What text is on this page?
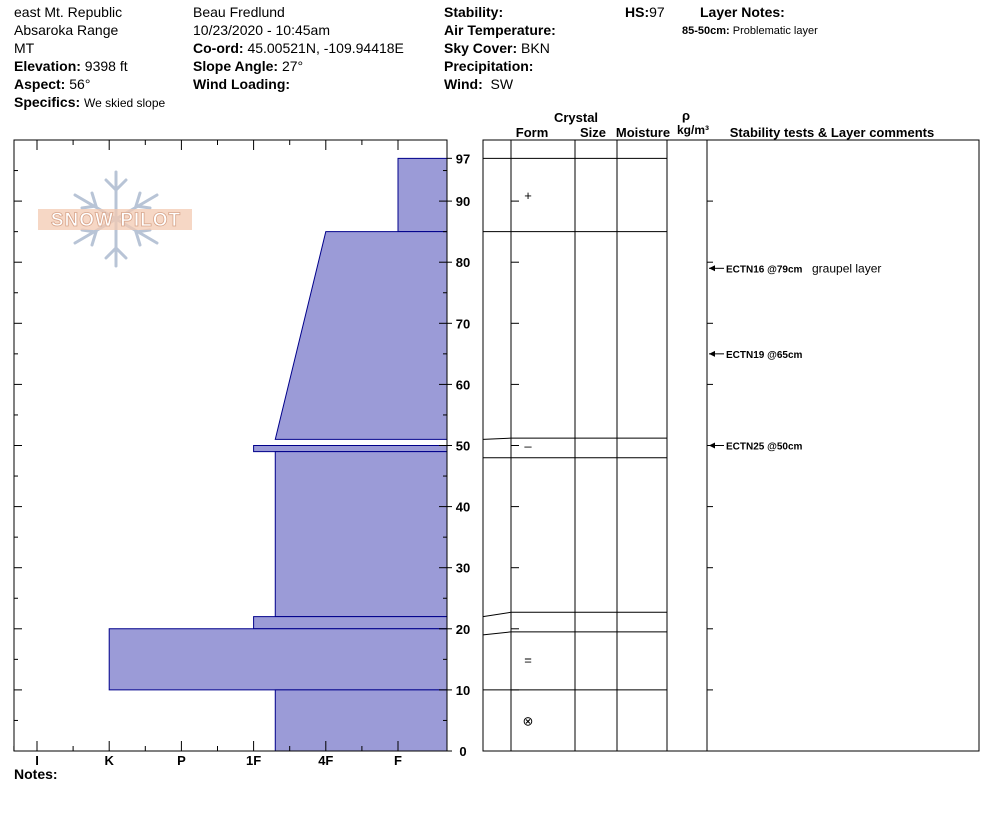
east Mt. Republic
Absaroka Range
MT
Elevation: 9398 ft
Aspect: 56°
Specifics: We skied slope
Beau Fredlund
10/23/2020 - 10:45am
Co-ord: 45.00521N, -109.94418E
Slope Angle: 27°
Wind Loading:
Stability:
Air Temperature:
Sky Cover: BKN
Precipitation:
Wind: SW
HS:97	Layer Notes:
85-50cm: Problematic layer
Notes:
SNOW PILOT
I	K	P	1F	4F	F
97
90
80
70
60
50
40
30
20
10
0
+
–
=
⊗
ECTN16 @79cm graupel layer
ECTN19 @65cm
ECTN25 @50cm
Crystal
Form Size Moisture
ρ
kg/m³ Stability tests & Layer comments
